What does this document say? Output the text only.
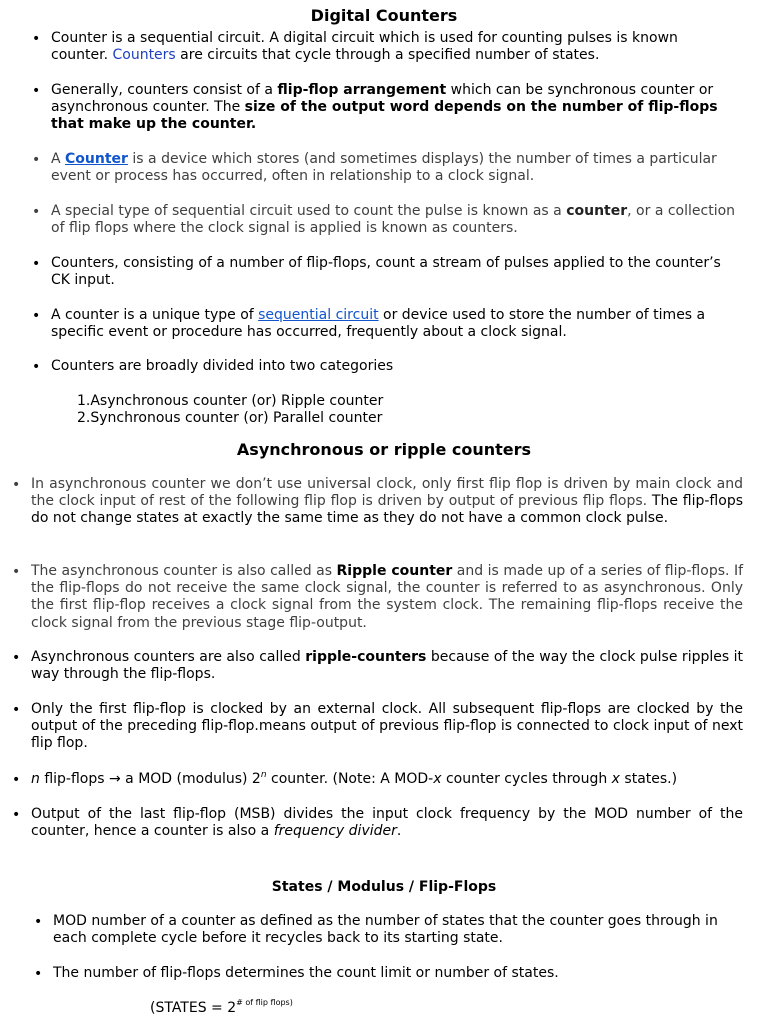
Digital Counters
• Counter is a sequential circuit. A digital circuit which is used for counting pulses is known counter. Counters are circuits that cycle through a specified number of states.

• Generally, counters consist of a flip-flop arrangement which can be synchronous counter or asynchronous counter. The size of the output word depends on the number of flip-flops that make up the counter.

• A Counter is a device which stores (and sometimes displays) the number of times a particular event or process has occurred, often in relationship to a clock signal.

• A special type of sequential circuit used to count the pulse is known as a counter, or a collection of flip flops where the clock signal is applied is known as counters.

• Counters, consisting of a number of flip-flops, count a stream of pulses applied to the counter’s CK input.

• A counter is a unique type of sequential circuit or device used to store the number of times a specific event or procedure has occurred, frequently about a clock signal.

• Counters are broadly divided into two categories

1.Asynchronous counter (or) Ripple counter

2.Synchronous counter (or) Parallel counter

Asynchronous or ripple counters
• In asynchronous counter we don’t use universal clock, only first flip flop is driven by main clock and the clock input of rest of the following flip flop is driven by output of previous flip flops. The flip-flops do not change states at exactly the same time as they do not have a common clock pulse.

• The asynchronous counter is also called as Ripple counter and is made up of a series of flip-flops. If the flip-flops do not receive the same clock signal, the counter is referred to as asynchronous. Only the first flip-flop receives a clock signal from the system clock. The remaining flip-flops receive the clock signal from the previous stage flip-output.

• Asynchronous counters are also called ripple-counters because of the way the clock pulse ripples it way through the flip-flops.

• Only the first flip-flop is clocked by an external clock. All subsequent flip-flops are clocked by the output of the preceding flip-flop.means output of previous flip-flop is connected to clock input of next flip flop.

• n flip-flops → a MOD (modulus) 2$^n$ counter. (Note: A MOD-x counter cycles through x states.)

• Output of the last flip-flop (MSB) divides the input clock frequency by the MOD number of the counter, hence a counter is also a frequency divider.

States / Modulus / Flip-Flops
• MOD number of a counter as defined as the number of states that the counter goes through in each complete cycle before it recycles back to its starting state.

• The number of flip-flops determines the count limit or number of states.

(STATES = $2^{\# of flip flops)}$
